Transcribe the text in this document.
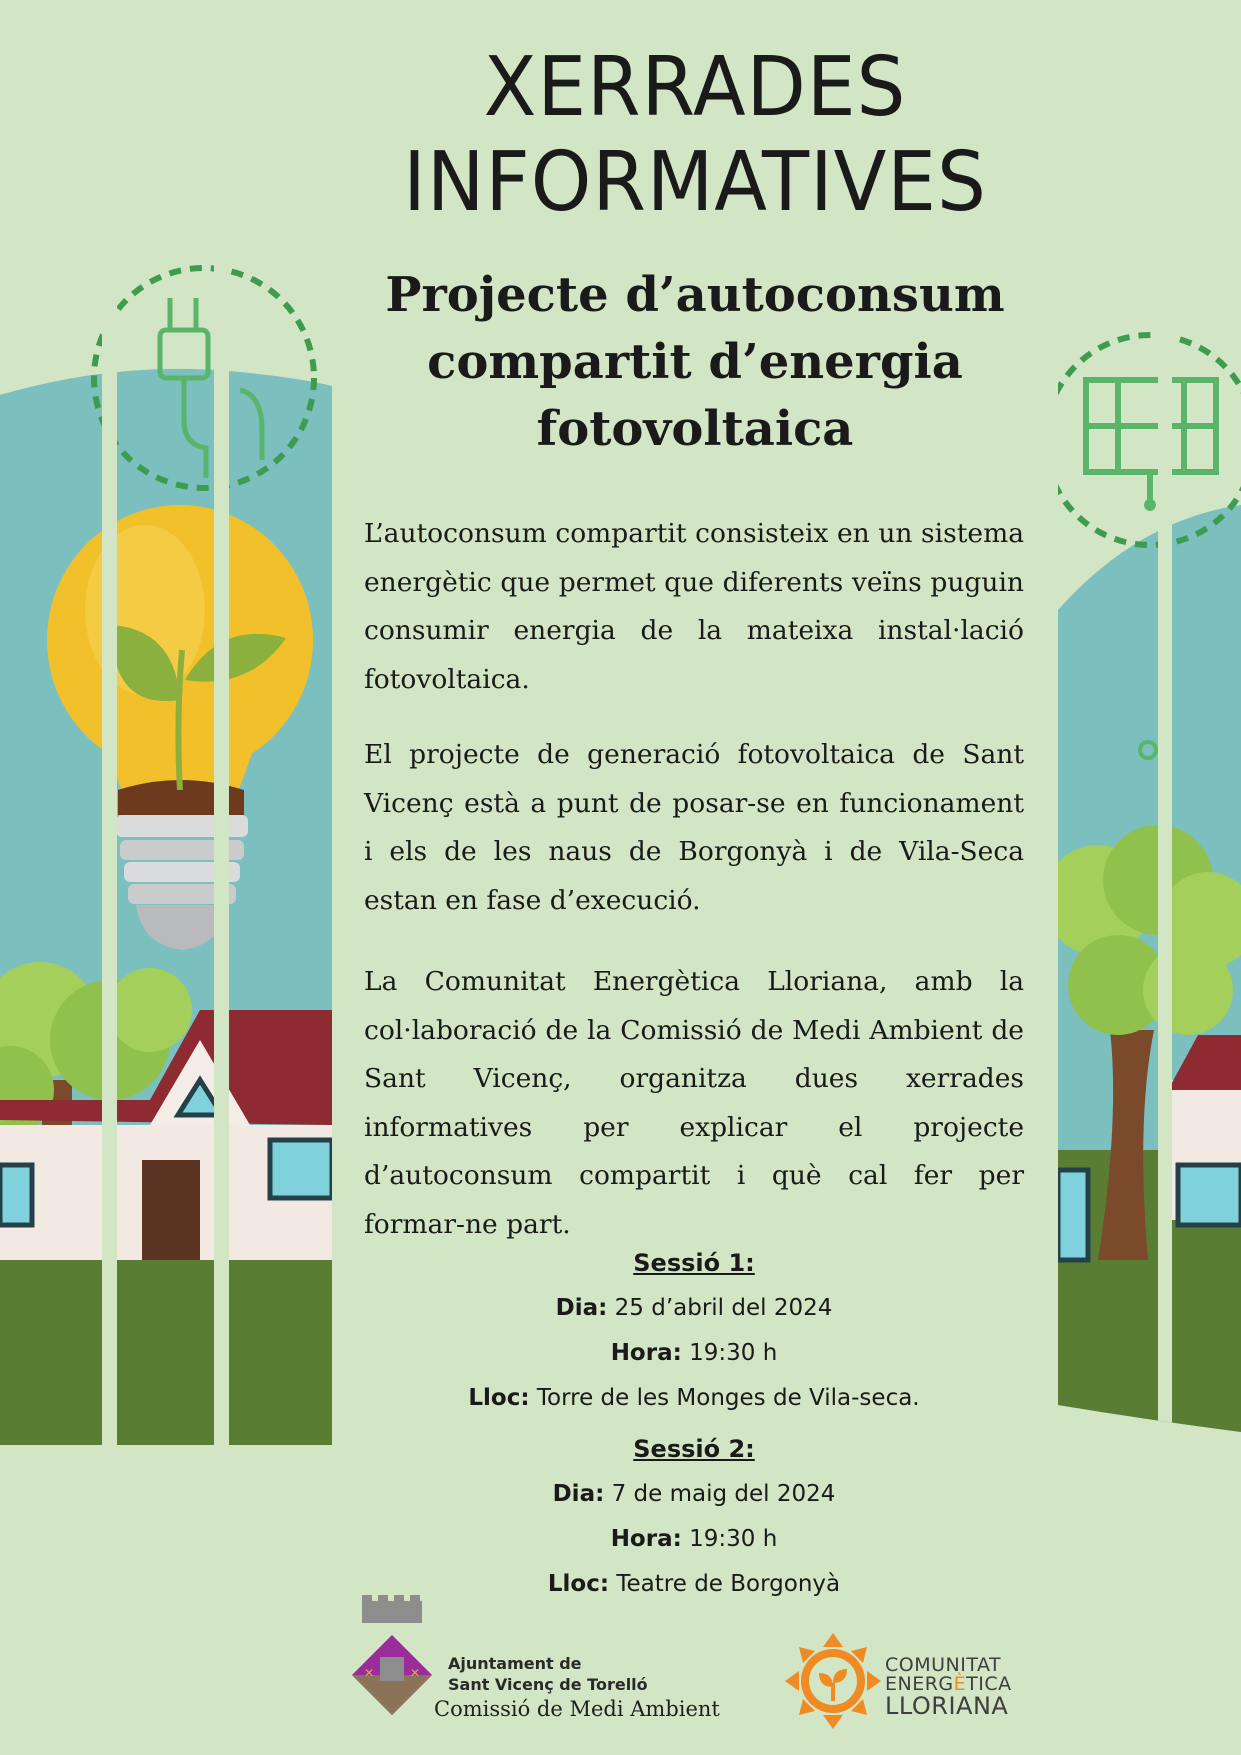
XERRADES
INFORMATIVES
Projecte d’autoconsum
compartit d’energia
fotovoltaica

L’autoconsum compartit consisteix en un sistema energètic que permet que diferents veïns puguin consumir energia de la mateixa instal·lació fotovoltaica.

El projecte de generació fotovoltaica de Sant Vicenç està a punt de posar-se en funcionament i els de les naus de Borgonyà i de Vila-Seca estan en fase d’execució.

La Comunitat Energètica Lloriana, amb la col·laboració de la Comissió de Medi Ambient de Sant Vicenç, organitza dues xerrades informatives per explicar el projecte d’autoconsum compartit i què cal fer per formar-ne part.

Sessió 1:
Dia: 25 d’abril del 2024
Hora: 19:30 h
Lloc: Torre de les Monges de Vila-seca.
Sessió 2:
Dia: 7 de maig del 2024
Hora: 19:30 h
Lloc: Teatre de Borgonyà
✕	✕ Ajuntament de
Sant Vicenç de Torelló
Comissió de Medi Ambient
COMUNITAT
ENERGÈTICA
LLORIANA
